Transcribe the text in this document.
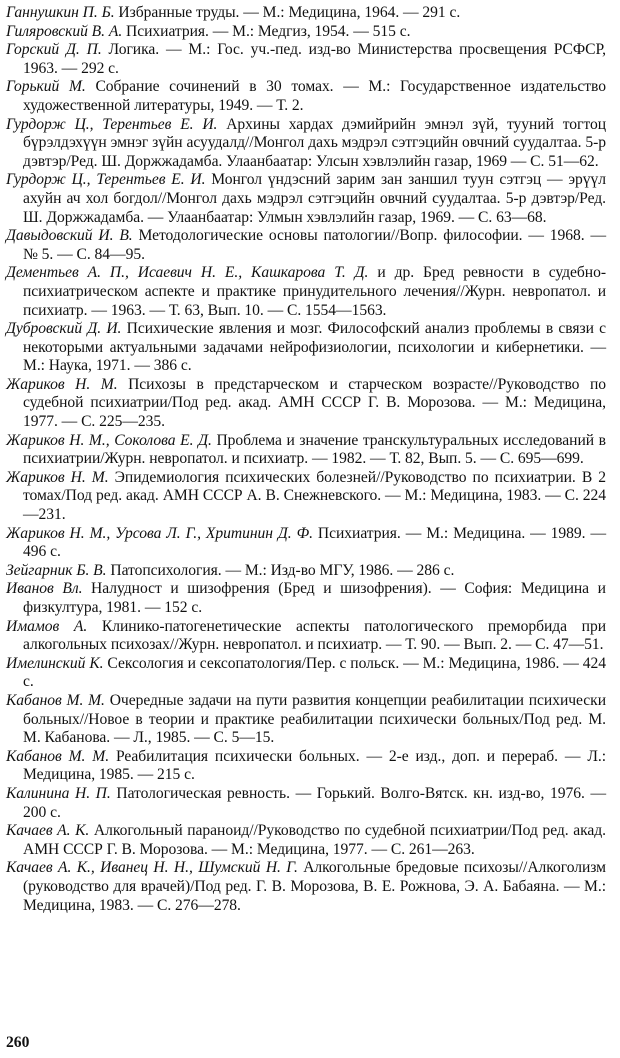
Ганнушкин П. Б. Избранные труды. — М.: Медицина, 1964. — 291 с.

Гиляровский В. А. Психиатрия. — М.: Медгиз, 1954. — 515 с.

Горский Д. П. Логика. — М.: Гос. уч.-пед. изд-во Министерства просвещения РСФСР, 1963. — 292 с.

Горький М. Собрание сочинений в 30 томах. — М.: Государственное издательство художественной литературы, 1949. — Т. 2.

Гурдорж Ц., Терентьев Е. И. Архины хардах дэмийрийн эмнэл зүй, тууний тогтоц бүрэлдэхүүн эмнэг зүйн асуудалд//Монгол дахь мэдрэл сэтгэцийн овчний суудалтаа. 5-р дэвтэр/Ред. Ш. Доржжадамба. Улаанбаатар: Улсын хэвлэлийн газар, 1969 — С. 51—62.

Гурдорж Ц., Терентьев Е. И. Монгол үндэсний зарим зан заншил туун сэтгэц — эрүүл ахуйн ач хол богдол//Монгол дахь мэдрэл сэтгэцийн овчний суудалтаа. 5-р дэвтэр/Ред. Ш. Доржжадамба. — Улаанбаатар: Улмын хэвлэлийн газар, 1969. — С. 63—68.

Давыдовский И. В. Методологические основы патологии//Вопр. философии. — 1968. — № 5. — С. 84—95.

Дементьев А. П., Исаевич Н. Е., Кашкарова Т. Д. и др. Бред ревности в судебно-психиатрическом аспекте и практике принудительного лечения//Журн. невропатол. и психиатр. — 1963. — Т. 63, Вып. 10. — С. 1554—1563.

Дубровский Д. И. Психические явления и мозг. Философский анализ проблемы в связи с некоторыми актуальными задачами нейрофизиологии, психологии и кибернетики. — М.: Наука, 1971. — 386 с.

Жариков Н. М. Психозы в предстарческом и старческом возрасте//Руководство по судебной психиатрии/Под ред. акад. АМН СССР Г. В. Морозова. — М.: Медицина, 1977. — С. 225—235.

Жариков Н. М., Соколова Е. Д. Проблема и значение транскультуральных исследований в психиатрии/Журн. невропатол. и психиатр. — 1982. — Т. 82, Вып. 5. — С. 695—699.

Жариков Н. М. Эпидемиология психических болезней//Руководство по психиатрии. В 2 томах/Под ред. акад. АМН СССР А. В. Снежневского. — М.: Медицина, 1983. — С. 224—231.

Жариков Н. М., Урсова Л. Г., Хритинин Д. Ф. Психиатрия. — М.: Медицина. — 1989. — 496 с.

Зейгарник Б. В. Патопсихология. — М.: Изд-во МГУ, 1986. — 286 с.

Иванов Вл. Налудност и шизофрения (Бред и шизофрения). — София: Медицина и физкултура, 1981. — 152 с.

Имамов А. Клинико-патогенетические аспекты патологического преморбида при алкогольных психозах//Журн. невропатол. и психиатр. — Т. 90. — Вып. 2. — С. 47—51.

Имелинский К. Сексология и сексопатология/Пер. с польск. — М.: Медицина, 1986. — 424 с.

Кабанов М. М. Очередные задачи на пути развития концепции реабилитации психически больных//Новое в теории и практике реабилитации психически больных/Под ред. М. М. Кабанова. — Л., 1985. — С. 5—15.

Кабанов М. М. Реабилитация психически больных. — 2-е изд., доп. и перераб. — Л.: Медицина, 1985. — 215 с.

Калинина Н. П. Патологическая ревность. — Горький. Волго-Вятск. кн. изд-во, 1976. — 200 с.

Качаев А. К. Алкогольный параноид//Руководство по судебной психиатрии/Под ред. акад. АМН СССР Г. В. Морозова. — М.: Медицина, 1977. — С. 261—263.

Качаев А. К., Иванец Н. Н., Шумский Н. Г. Алкогольные бредовые психозы//Алкоголизм (руководство для врачей)/Под ред. Г. В. Морозова, В. Е. Рожнова, Э. А. Бабаяна. — М.: Медицина, 1983. — С. 276—278.

260
